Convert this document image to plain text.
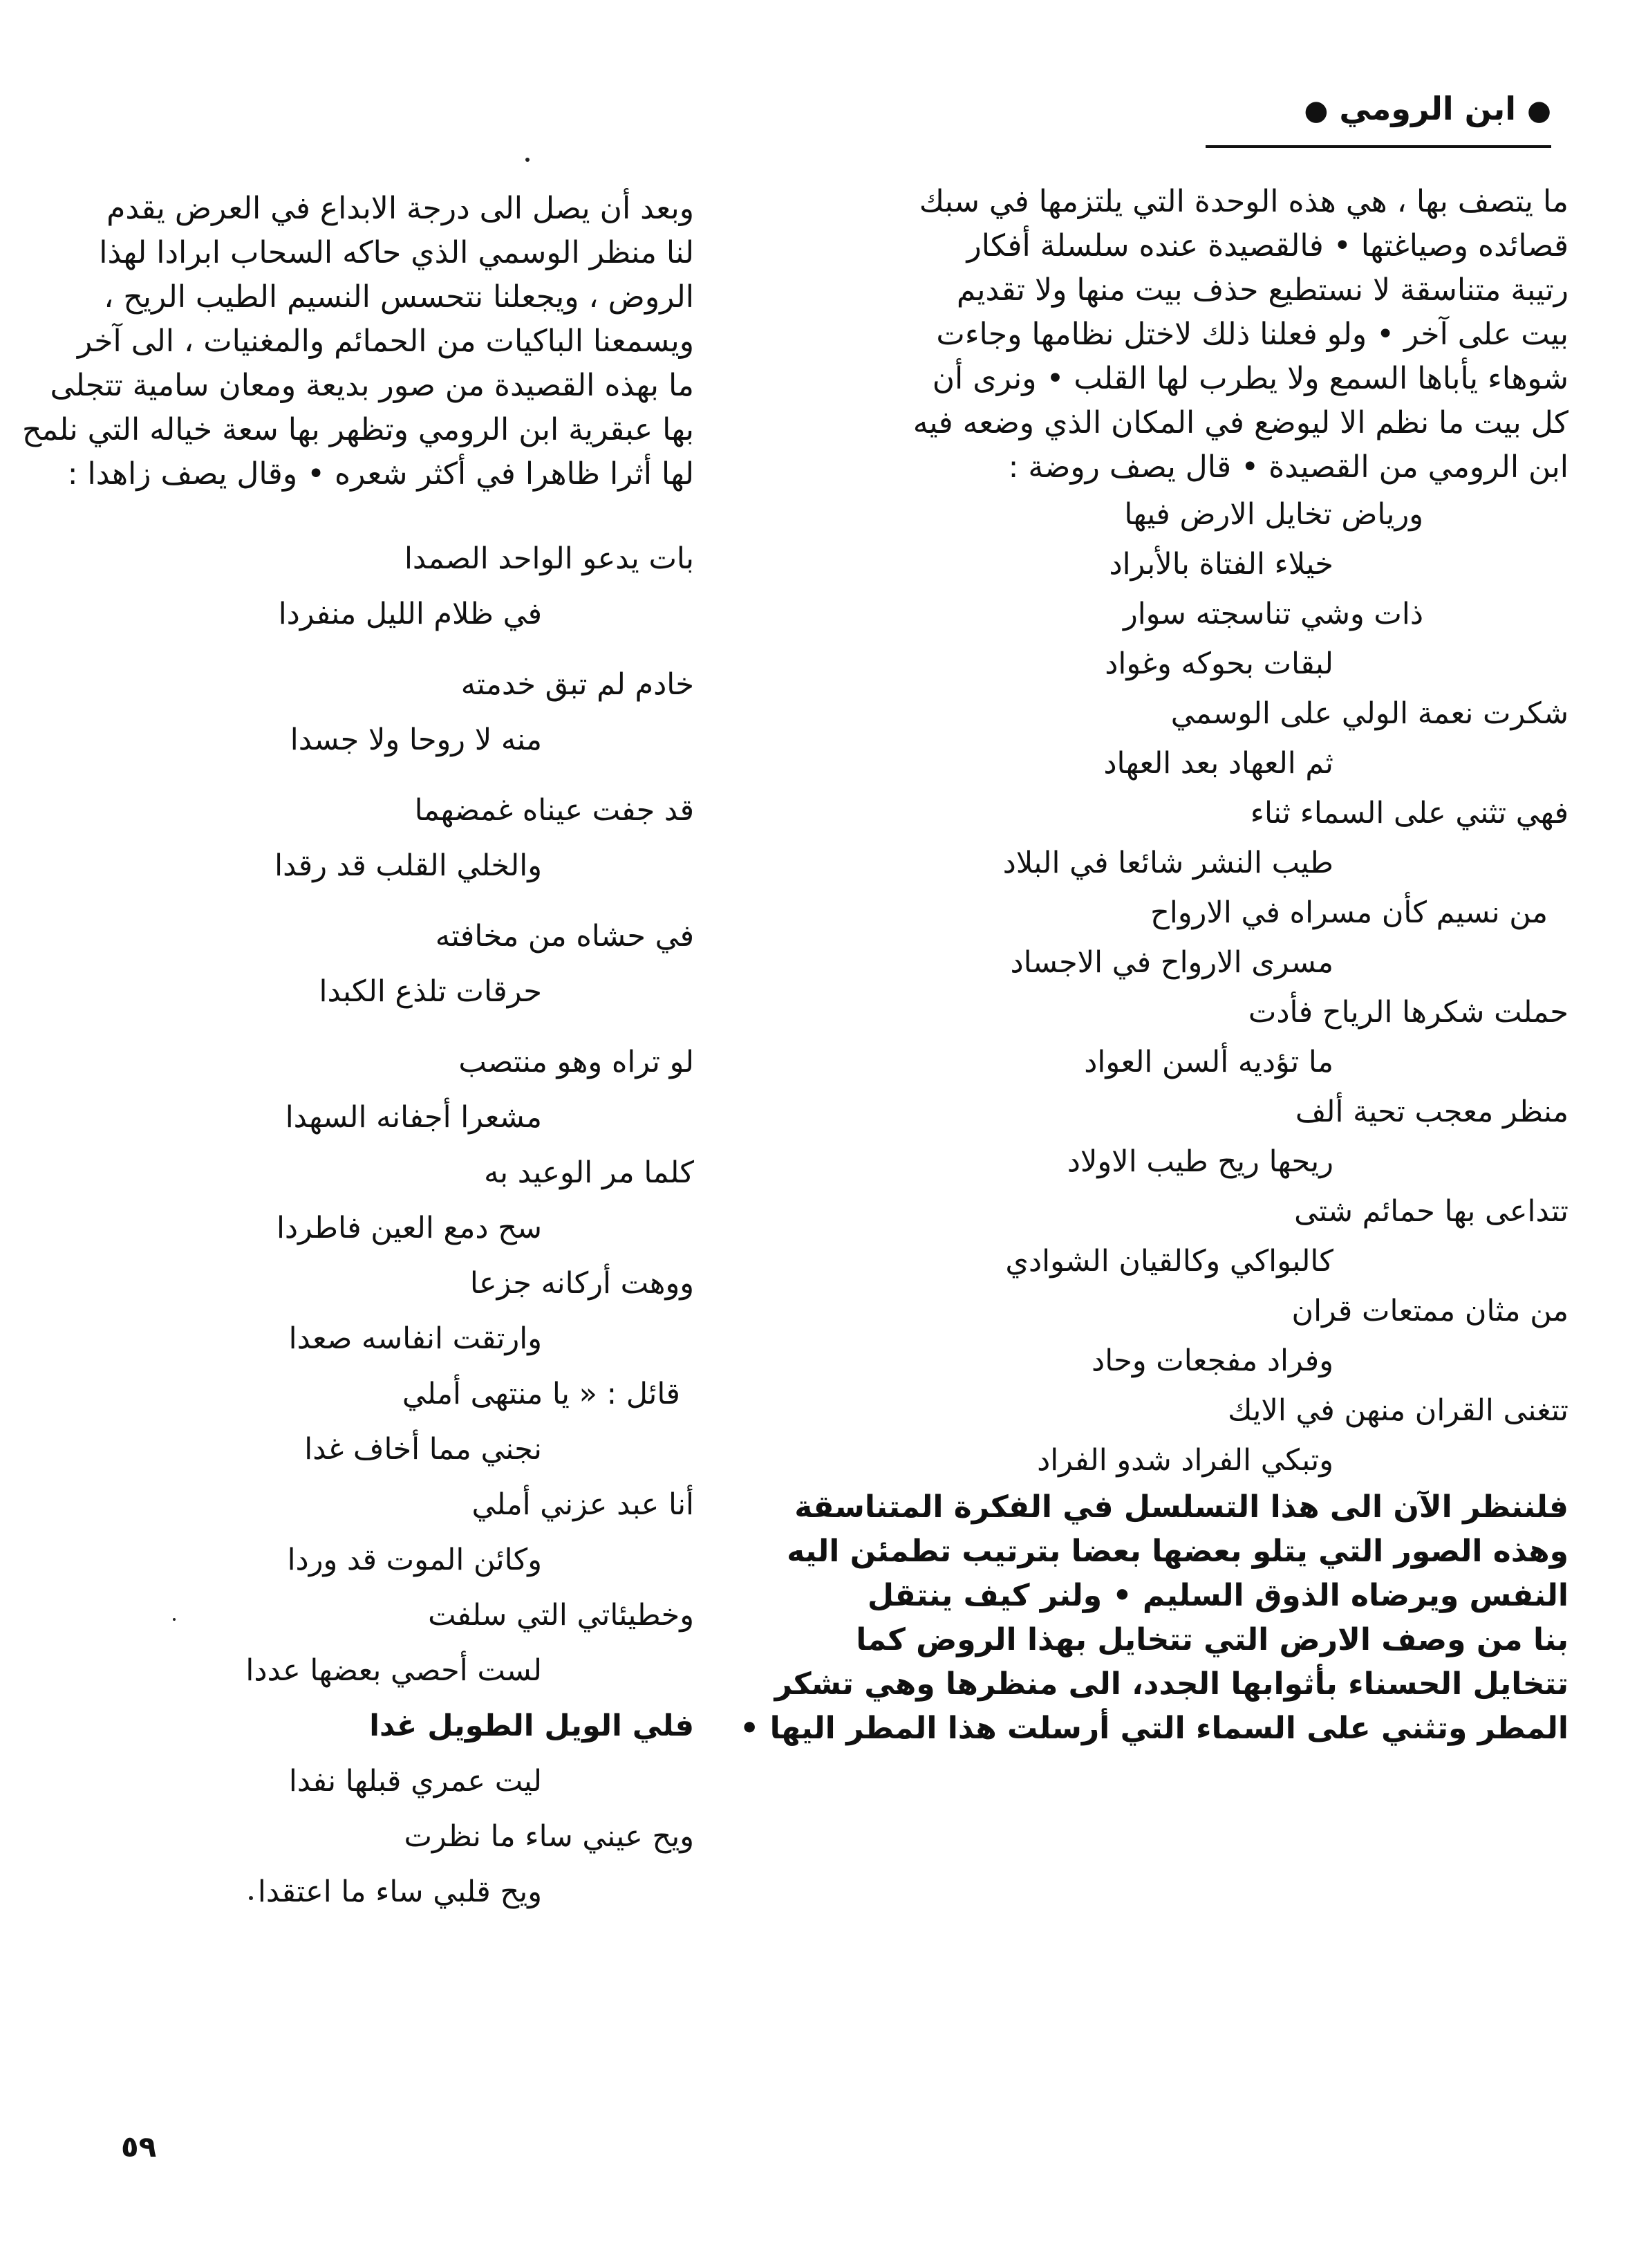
● ابن الرومي ●
ما يتصف بها ، هي هذه الوحدة التي يلتزمها في سبك
قصائده وصياغتها • فالقصيدة عنده سلسلة أفكار
رتيبة متناسقة لا نستطيع حذف بيت منها ولا تقديم
بيت على آخر • ولو فعلنا ذلك لاختل نظامها وجاءت
شوهاء يأباها السمع ولا يطرب لها القلب • ونرى أن
كل بيت ما نظم الا ليوضع في المكان الذي وضعه فيه
ابن الرومي من القصيدة • قال يصف روضة :
ورياض تخايل الارض فيها
خيلاء الفتاة بالأبراد
ذات وشي تناسجته سوار
لبقات بحوكه وغواد
شكرت نعمة الولي على الوسمي
ثم العهاد بعد العهاد
فهي تثني على السماء ثناء
طيب النشر شائعا في البلاد
من نسيم كأن مسراه في الارواح
مسرى الارواح في الاجساد
حملت شكرها الرياح فأدت
ما تؤديه ألسن العواد
منظر معجب تحية ألف
ريحها ريح طيب الاولاد
تتداعى بها حمائم شتى
كالبواكي وكالقيان الشوادي
من مثان ممتعات قران
وفراد مفجعات وحاد
تتغنى القران منهن في الايك
وتبكي الفراد شدو الفراد
فلننظر الآن الى هذا التسلسل في الفكرة المتناسقة
وهذه الصور التي يتلو بعضها بعضا بترتيب تطمئن اليه
النفس ويرضاه الذوق السليم • ولنر كيف ينتقل
بنا من وصف الارض التي تتخايل بهذا الروض كما
تتخايل الحسناء بأثوابها الجدد، الى منظرها وهي تشكر
المطر وتثني على السماء التي أرسلت هذا المطر اليها •
وبعد أن يصل الى درجة الابداع في العرض يقدم
لنا منظر الوسمي الذي حاكه السحاب ابرادا لهذا
الروض ، ويجعلنا نتحسس النسيم الطيب الريح ،
ويسمعنا الباكيات من الحمائم والمغنيات ، الى آخر
ما بهذه القصيدة من صور بديعة ومعان سامية تتجلى
بها عبقرية ابن الرومي وتظهر بها سعة خياله التي نلمح
لها أثرا ظاهرا في أكثر شعره • وقال يصف زاهدا :
بات يدعو الواحد الصمدا
في ظلام الليل منفردا
خادم لم تبق خدمته
منه لا روحا ولا جسدا
قد جفت عيناه غمضهما
والخلي القلب قد رقدا
في حشاه من مخافته
حرقات تلذع الكبدا
لو تراه وهو منتصب
مشعرا أجفانه السهدا
كلما مر الوعيد به
سح دمع العين فاطردا
ووهت أركانه جزعا
وارتقت انفاسه صعدا
قائل : « يا منتهى أملي
نجني مما أخاف غدا
أنا عبد عزني أملي
وكائن الموت قد وردا
وخطيئاتي التي سلفت
لست أحصي بعضها عددا
فلي الويل الطويل غدا
ليت عمري قبلها نفدا
ويح عيني ساء ما نظرت
ويح قلبي ساء ما اعتقدا
٥٩
